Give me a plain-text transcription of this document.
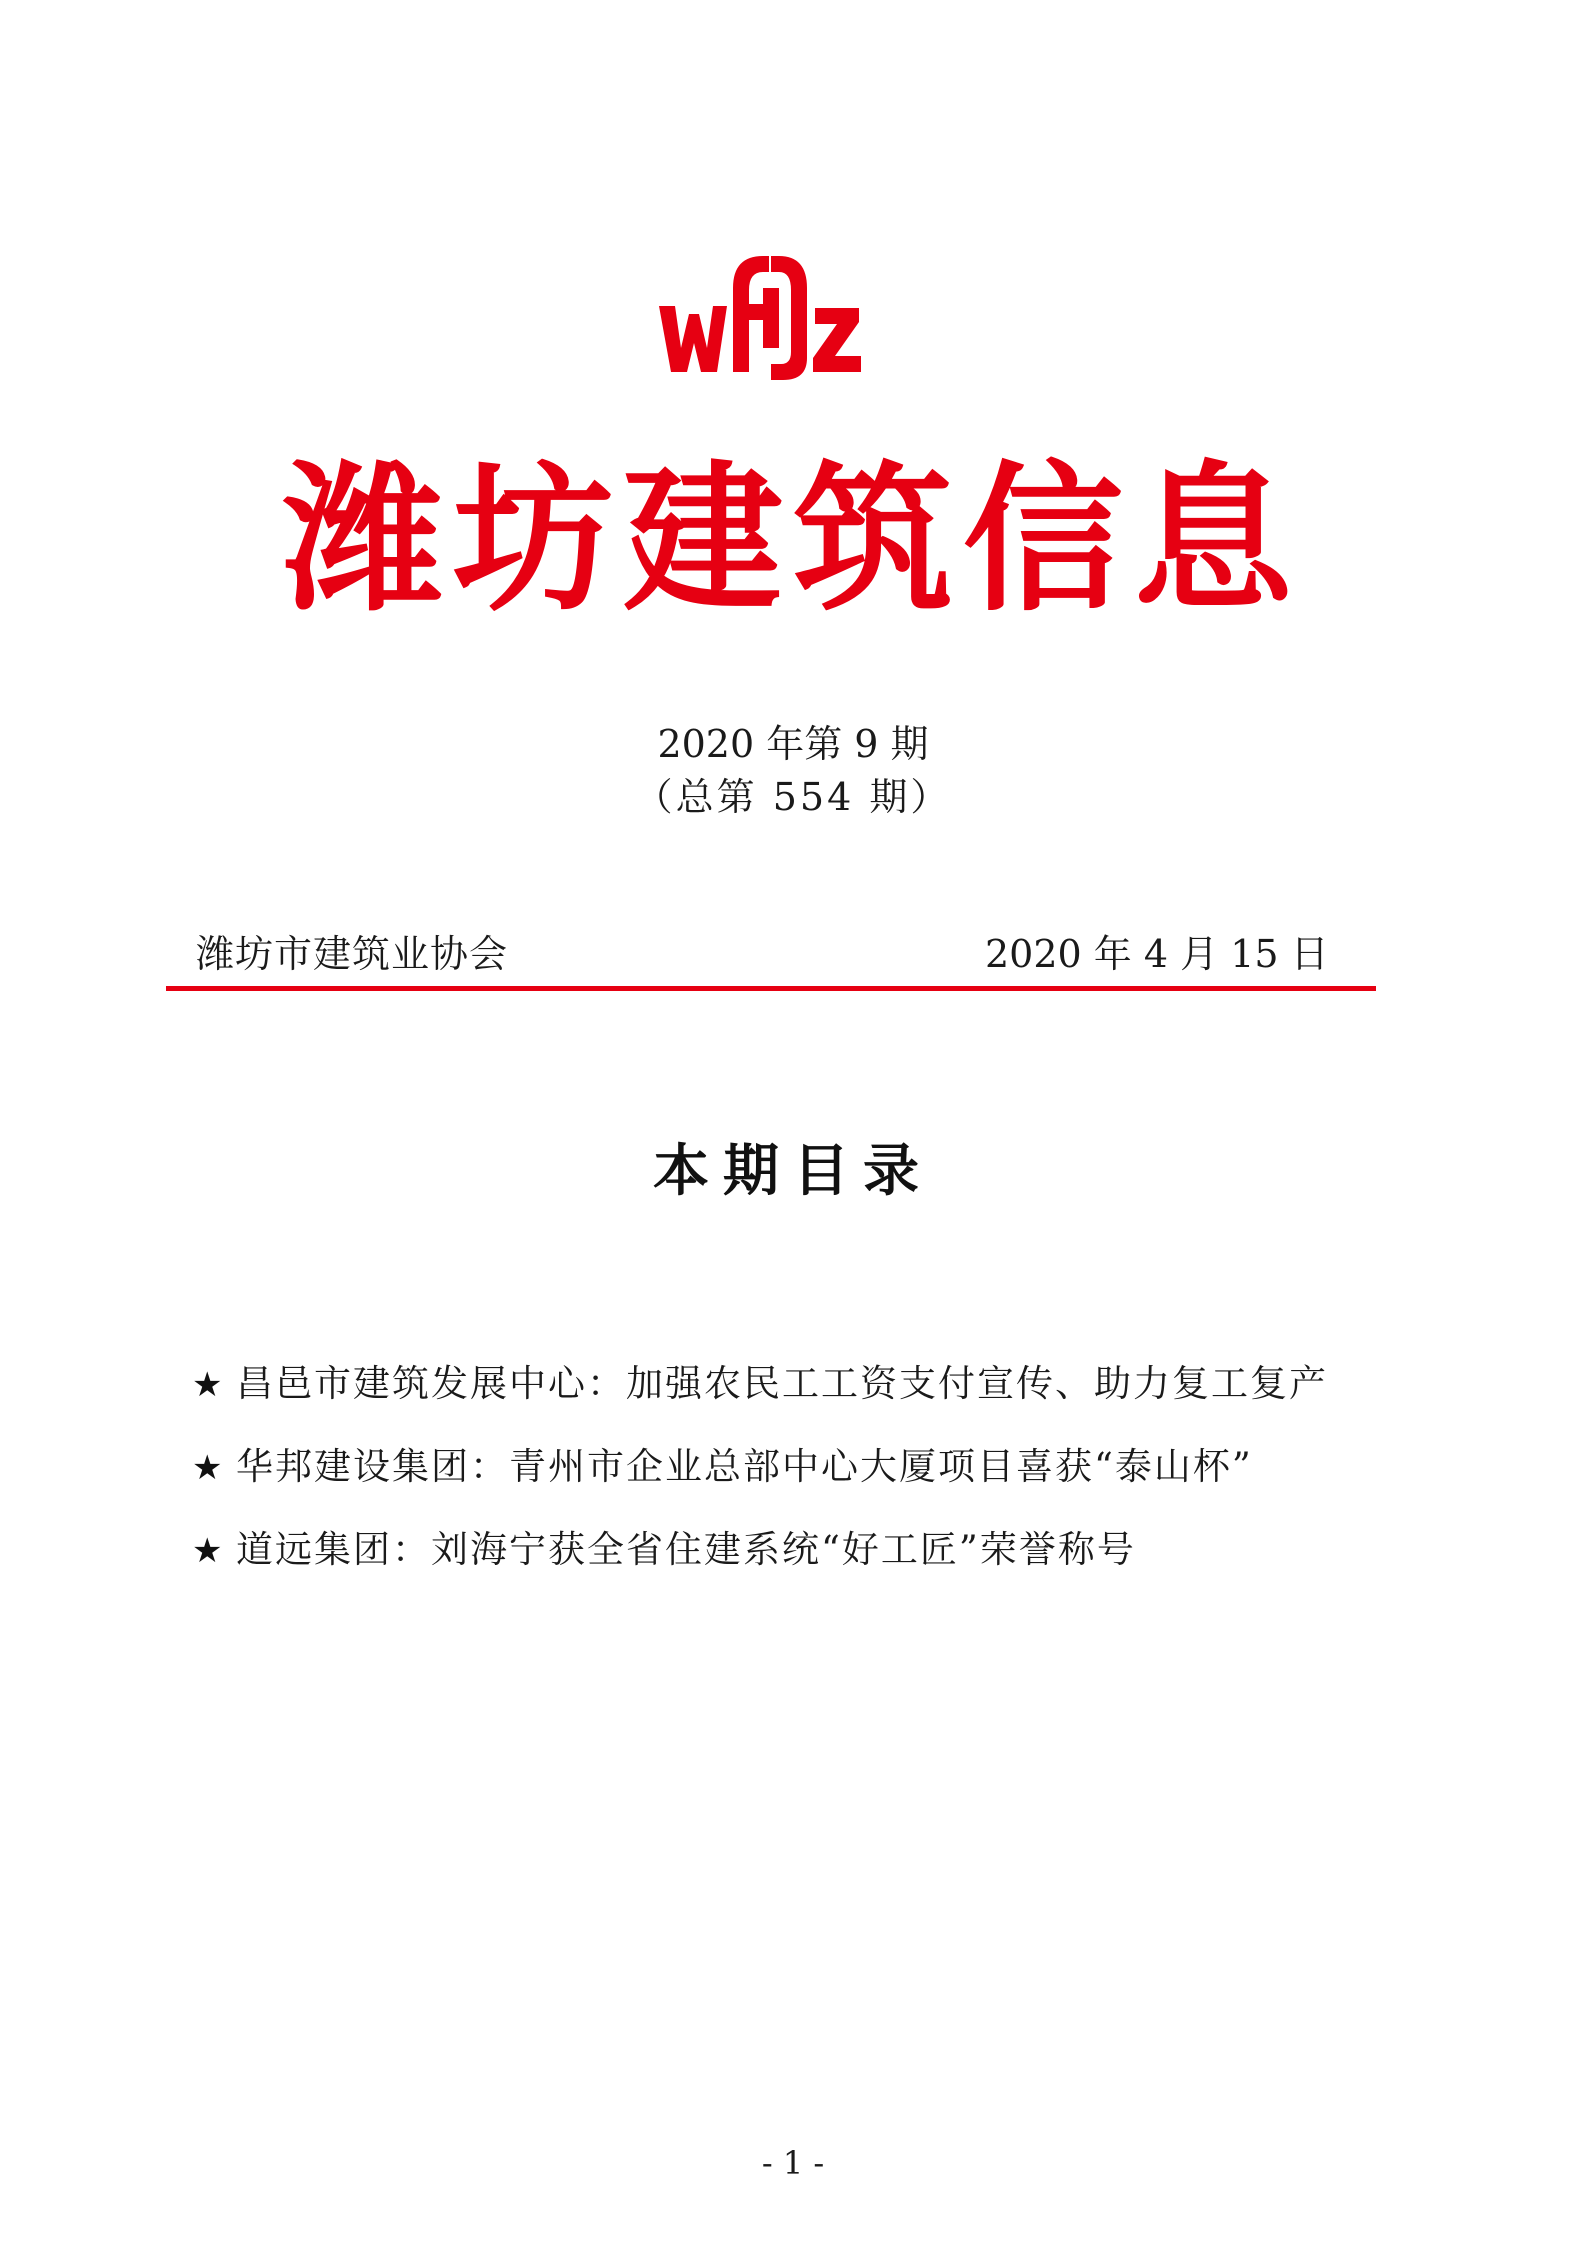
潍坊建筑信息
2020 年第 9 期
（总第 554 期）
潍坊市建筑业协会	2020 年 4 月 15 日
本期目录
★ 昌邑市建筑发展中心：加强农民工工资支付宣传、助力复工复产
★ 华邦建设集团：青州市企业总部中心大厦项目喜获“泰山杯”
★ 道远集团：刘海宁获全省住建系统“好工匠”荣誉称号
- 1 -
